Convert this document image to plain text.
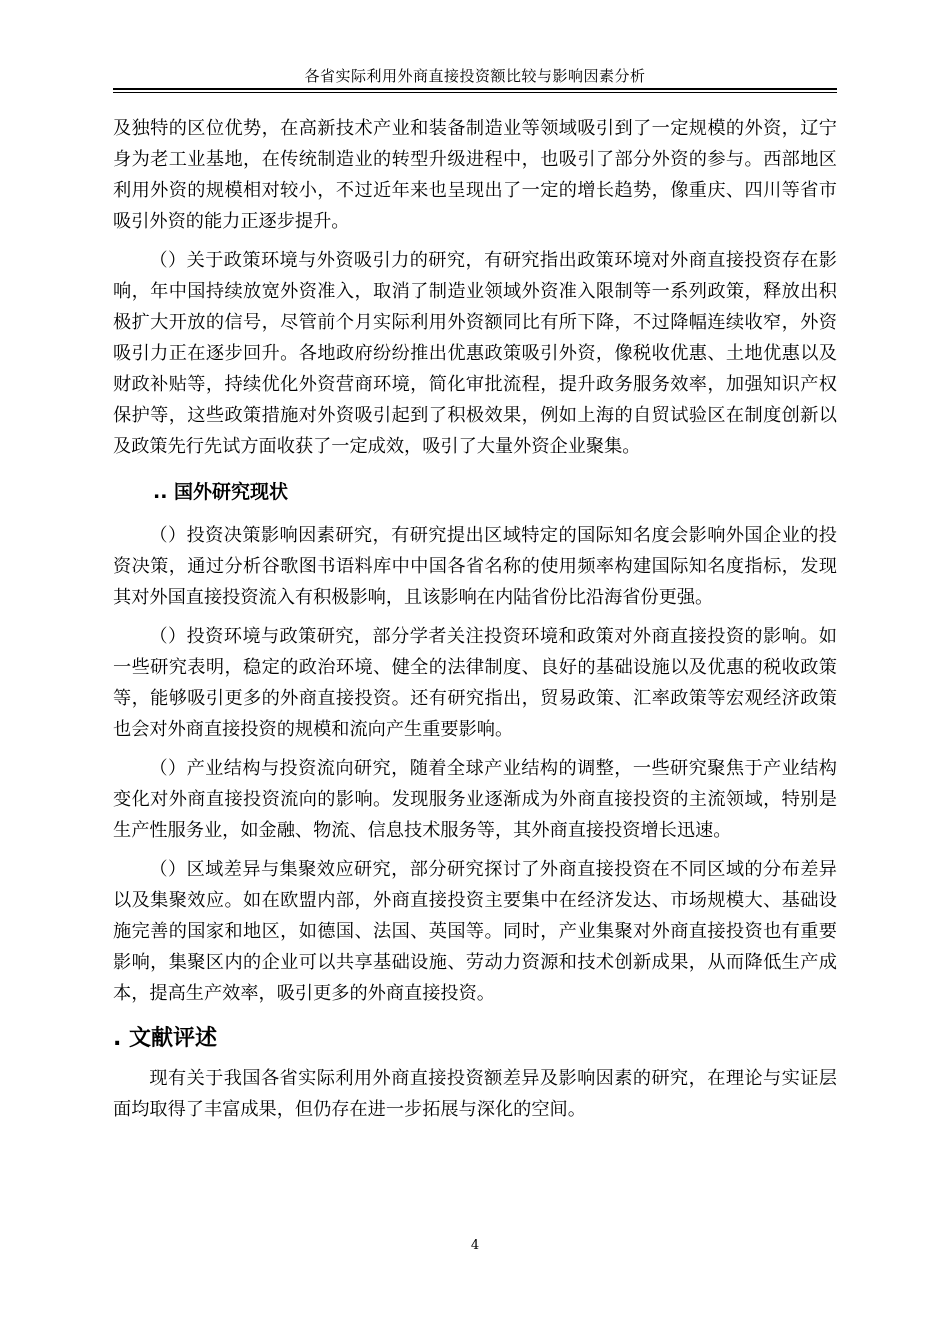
各省实际利用外商直接投资额比较与影响因素分析

及独特的区位优势，在高新技术产业和装备制造业等领域吸引到了一定规模的外资，辽宁身为老工业基地，在传统制造业的转型升级进程中，也吸引了部分外资的参与。西部地区利用外资的规模相对较小，不过近年来也呈现出了一定的增长趋势，像重庆、四川等省市吸引外资的能力正逐步提升。

（）关于政策环境与外资吸引力的研究，有研究指出政策环境对外商直接投资存在影响，年中国持续放宽外资准入，取消了制造业领域外资准入限制等一系列政策，释放出积极扩大开放的信号，尽管前个月实际利用外资额同比有所下降，不过降幅连续收窄，外资吸引力正在逐步回升。各地政府纷纷推出优惠政策吸引外资，像税收优惠、土地优惠以及财政补贴等，持续优化外资营商环境，简化审批流程，提升政务服务效率，加强知识产权保护等，这些政策措施对外资吸引起到了积极效果，例如上海的自贸试验区在制度创新以及政策先行先试方面收获了一定成效，吸引了大量外资企业聚集。

.. 国外研究现状

（）投资决策影响因素研究，有研究提出区域特定的国际知名度会影响外国企业的投资决策，通过分析谷歌图书语料库中中国各省名称的使用频率构建国际知名度指标，发现其对外国直接投资流入有积极影响，且该影响在内陆省份比沿海省份更强。

（）投资环境与政策研究，部分学者关注投资环境和政策对外商直接投资的影响。如一些研究表明，稳定的政治环境、健全的法律制度、良好的基础设施以及优惠的税收政策等，能够吸引更多的外商直接投资。还有研究指出，贸易政策、汇率政策等宏观经济政策也会对外商直接投资的规模和流向产生重要影响。

（）产业结构与投资流向研究，随着全球产业结构的调整，一些研究聚焦于产业结构变化对外商直接投资流向的影响。发现服务业逐渐成为外商直接投资的主流领域，特别是生产性服务业，如金融、物流、信息技术服务等，其外商直接投资增长迅速。

（）区域差异与集聚效应研究，部分研究探讨了外商直接投资在不同区域的分布差异以及集聚效应。如在欧盟内部，外商直接投资主要集中在经济发达、市场规模大、基础设施完善的国家和地区，如德国、法国、英国等。同时，产业集聚对外商直接投资也有重要影响，集聚区内的企业可以共享基础设施、劳动力资源和技术创新成果，从而降低生产成本，提高生产效率，吸引更多的外商直接投资。

. 文献评述

现有关于我国各省实际利用外商直接投资额差异及影响因素的研究，在理论与实证层面均取得了丰富成果，但仍存在进一步拓展与深化的空间。

4
